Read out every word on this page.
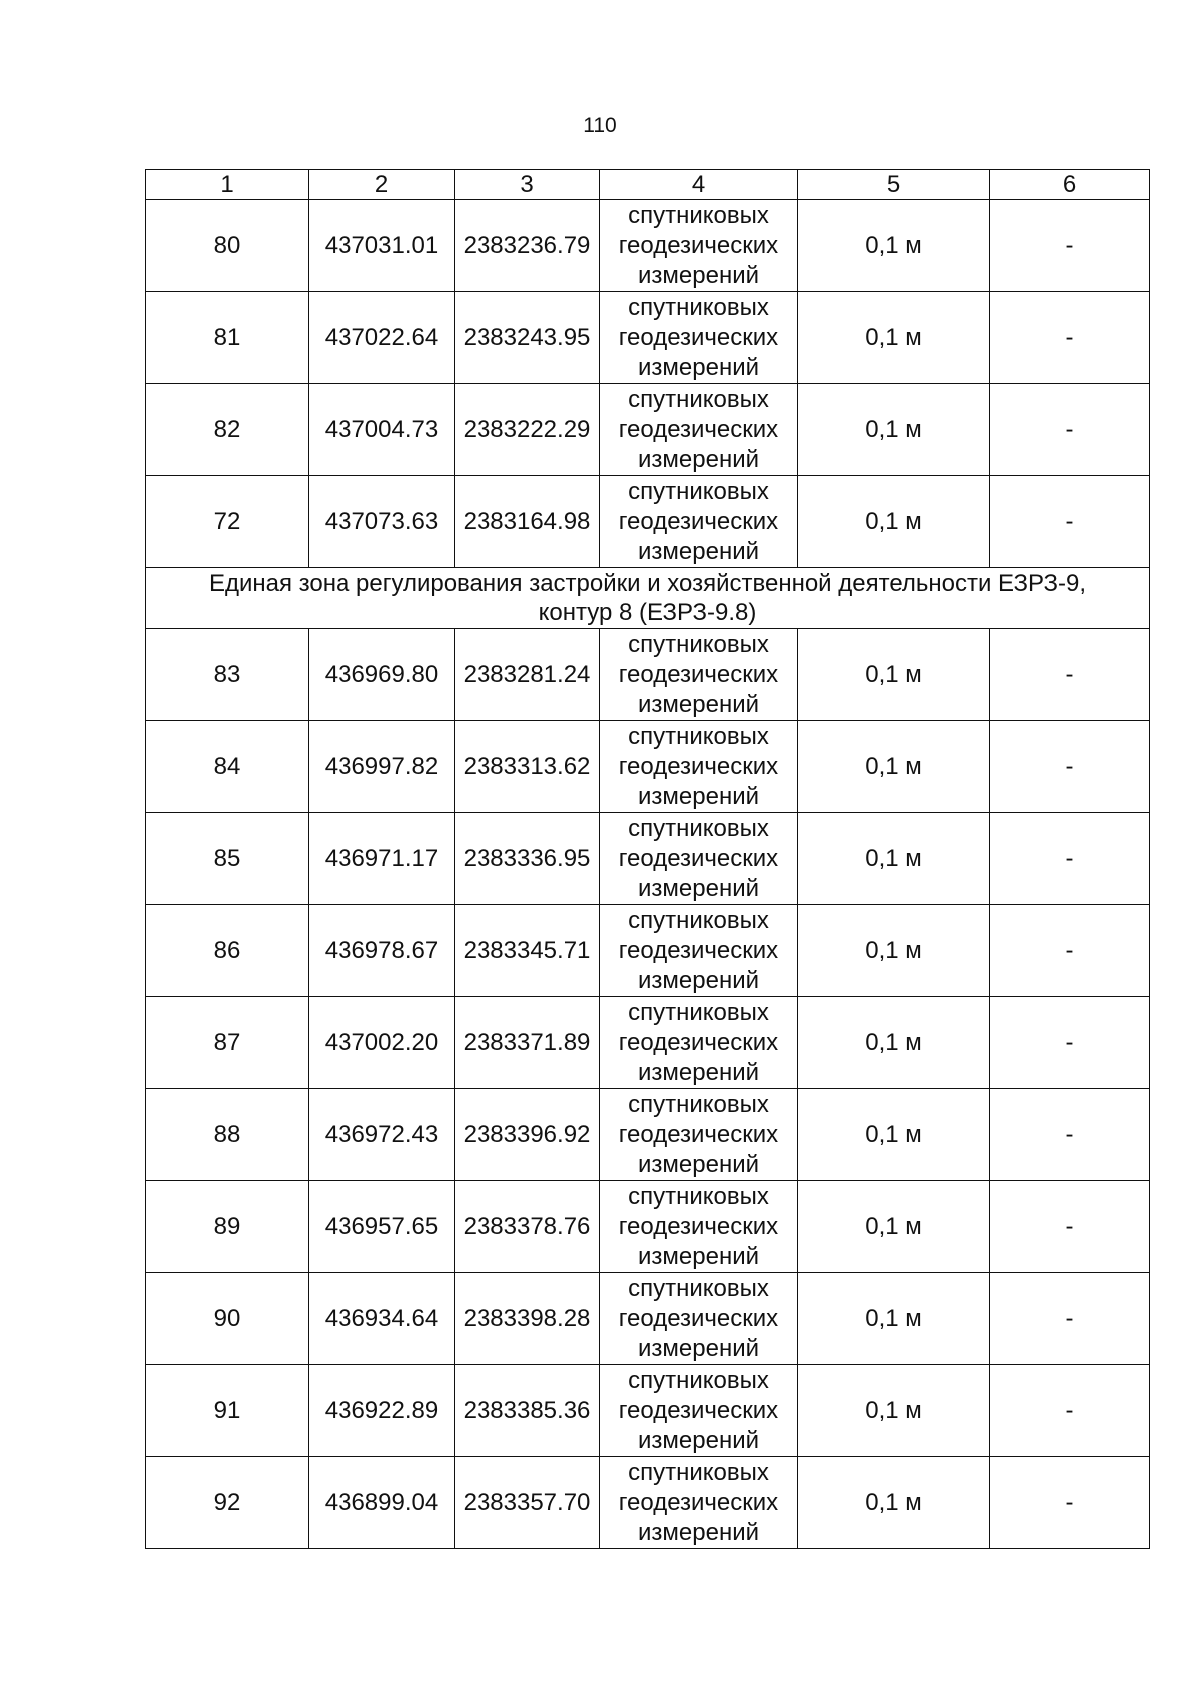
110
1	2	3	4	5	6
80	437031.01	2383236.79	спутниковых
геодезических
измерений	0,1 м	-
81	437022.64	2383243.95	спутниковых
геодезических
измерений	0,1 м	-
82	437004.73	2383222.29	спутниковых
геодезических
измерений	0,1 м	-
72	437073.63	2383164.98	спутниковых
геодезических
измерений	0,1 м	-
Единая зона регулирования застройки и хозяйственной деятельности ЕЗРЗ-9,
контур 8 (ЕЗРЗ-9.8)					
83	436969.80	2383281.24	спутниковых
геодезических
измерений	0,1 м	-
84	436997.82	2383313.62	спутниковых
геодезических
измерений	0,1 м	-
85	436971.17	2383336.95	спутниковых
геодезических
измерений	0,1 м	-
86	436978.67	2383345.71	спутниковых
геодезических
измерений	0,1 м	-
87	437002.20	2383371.89	спутниковых
геодезических
измерений	0,1 м	-
88	436972.43	2383396.92	спутниковых
геодезических
измерений	0,1 м	-
89	436957.65	2383378.76	спутниковых
геодезических
измерений	0,1 м	-
90	436934.64	2383398.28	спутниковых
геодезических
измерений	0,1 м	-
91	436922.89	2383385.36	спутниковых
геодезических
измерений	0,1 м	-
92	436899.04	2383357.70	спутниковых
геодезических
измерений	0,1 м	-
